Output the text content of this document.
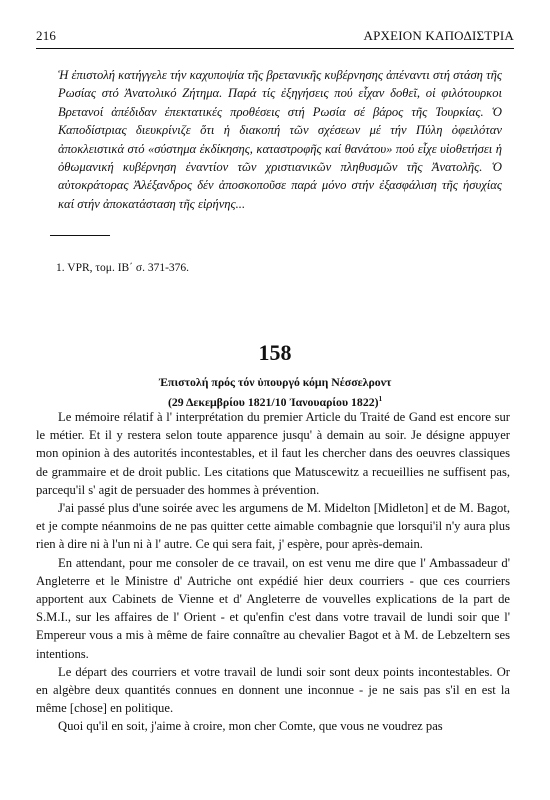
216	ΑΡΧΕΙΟΝ ΚΑΠΟΔΙΣΤΡΙΑ

Ἡ ἐπιστολή κατήγγελε τήν καχυποψία τῆς βρετανικῆς κυβέρνησης ἀπέναντι στή στάση τῆς Ρωσίας στό Ἀνατολικό Ζήτημα. Παρά τίς ἐξηγήσεις πού εἶχαν δοθεῖ, οἱ φιλότουρκοι Βρετανοί ἀπέδιδαν ἐπεκτατικές προθέσεις στή Ρωσία σέ βάρος τῆς Τουρκίας. Ὁ Καποδίστριας διευκρίνιζε ὅτι ἡ διακοπή τῶν σχέσεων μέ τήν Πύλη ὀφειλόταν ἀποκλειστικά στό «σύστημα ἐκδίκησης, καταστροφῆς καί θανάτου» πού εἶχε υἱοθετήσει ἡ ὀθωμανική κυβέρνηση ἐναντίον τῶν χριστιανικῶν πληθυσμῶν τῆς Ἀνατολῆς. Ὁ αὐτοκράτορας Ἀλέξανδρος δέν ἀποσκοποῦσε παρά μόνο στήν ἐξασφάλιση τῆς ἡσυχίας καί στήν ἀποκατάσταση τῆς εἰρήνης...

1. VPR, τομ. ΙΒ΄ σ. 371-376.
158
Ἐπιστολή πρός τόν ὑπουργό κόμη Νέσσελροντ
(29 Δεκεμβρίου 1821/10 Ἰανουαρίου 1822)$^1$

Le mémoire rélatif à l' interprétation du premier Article du Traité de Gand est encore sur le métier. Et il y restera selon toute apparence jusqu' à demain au soir. Je désigne appuyer mon opinion à des autorités incontestables, et il faut les chercher dans des oeuvres classiques de grammaire et de droit public. Les citations que Matuscewitz a recueillies ne suffisent pas, parcequ'il s' agit de persuader des hommes à prévention.

J'ai passé plus d'une soirée avec les argumens de M. Midelton [Midleton] et de M. Bagot, et je compte néanmoins de ne pas quitter cette aimable combagnie que lorsqui'il n'y aura plus rien à dire ni à l'un ni à l' autre. Ce qui sera fait, j' espère, pour après-demain.

En attendant, pour me consoler de ce travail, on est venu me dire que l' Ambassadeur d' Angleterre et le Ministre d' Autriche ont expédié hier deux courriers - que ces courriers apportent aux Cabinets de Vienne et d' Angleterre de vouvelles explications de la part de S.M.I., sur les affaires de l' Orient - et qu'enfin c'est dans votre travail de lundi soir que l' Empereur vous a mis à même de faire connaître au chevalier Bagot et à M. de Lebzeltern ses intentions.

Le départ des courriers et votre travail de lundi soir sont deux points incontestables. Or en algèbre deux quantités connues en donnent une inconnue - je ne sais pas s'il en est la même [chose] en politique.

Quoi qu'il en soit, j'aime à croire, mon cher Comte, que vous ne voudrez pas
